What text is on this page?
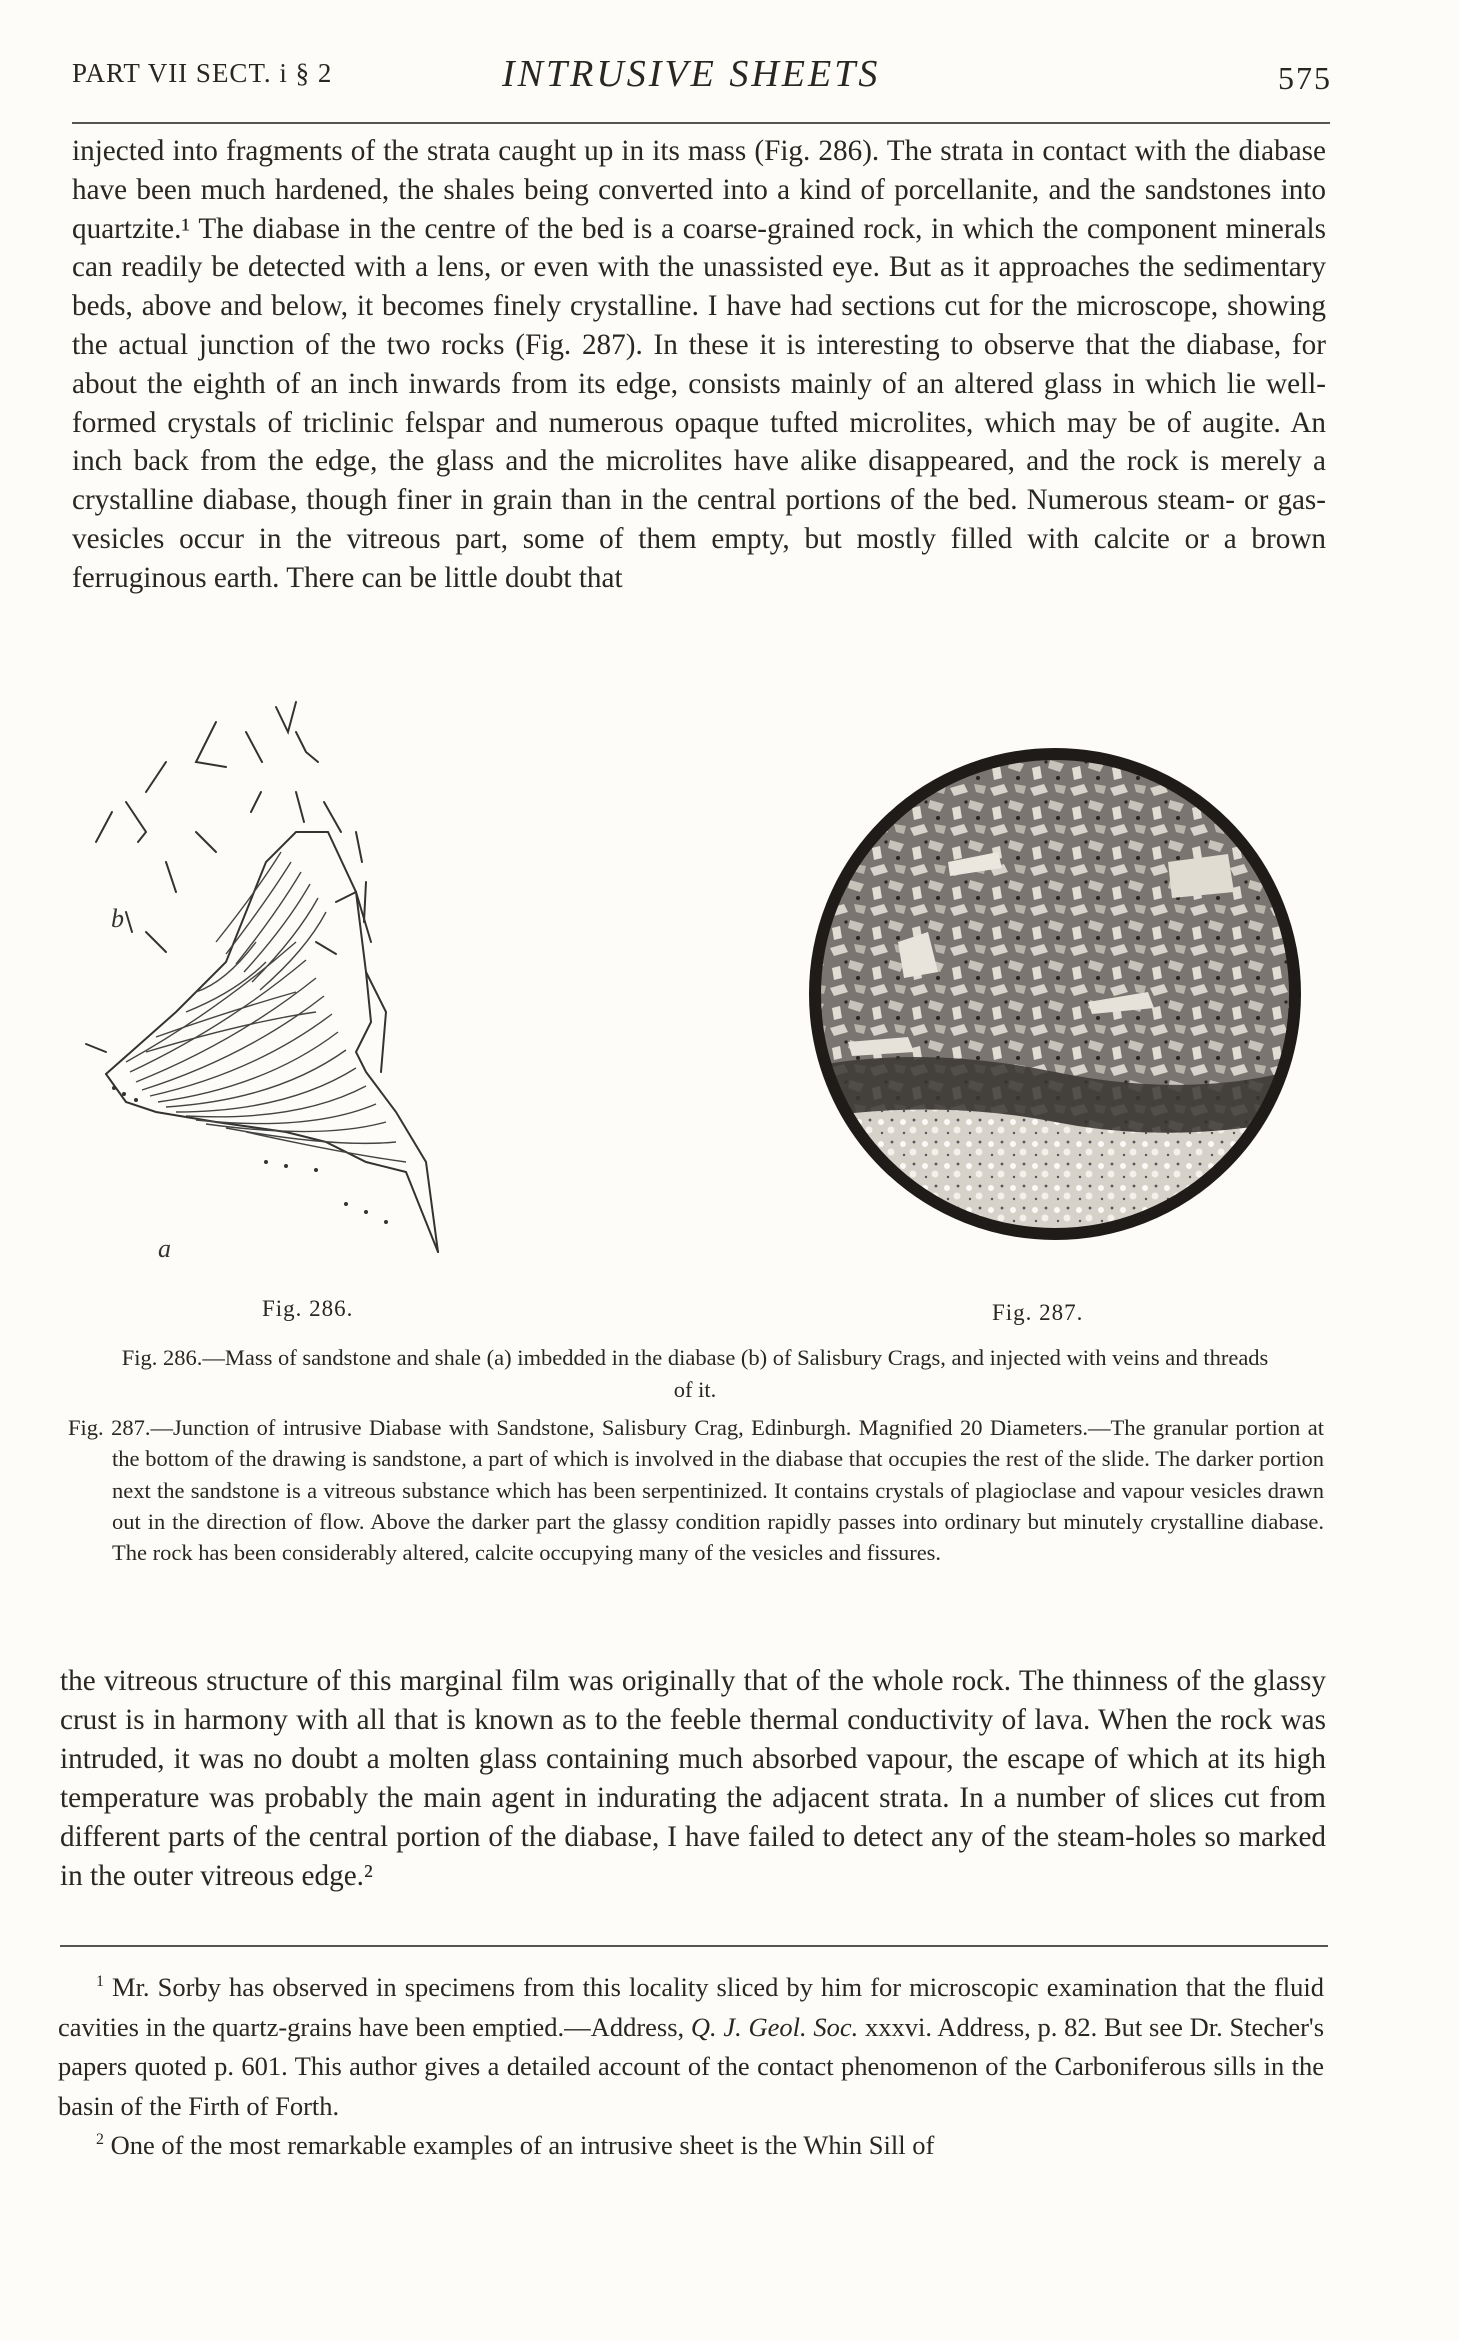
PART VII SECT. i § 2	INTRUSIVE SHEETS	575

injected into fragments of the strata caught up in its mass (Fig. 286). The strata in contact with the diabase have been much hardened, the shales being converted into a kind of porcellanite, and the sandstones into quartzite.¹ The diabase in the centre of the bed is a coarse-grained rock, in which the component minerals can readily be detected with a lens, or even with the unassisted eye. But as it approaches the sedimentary beds, above and below, it becomes finely crystalline. I have had sections cut for the microscope, showing the actual junction of the two rocks (Fig. 287). In these it is interesting to observe that the diabase, for about the eighth of an inch inwards from its edge, consists mainly of an altered glass in which lie well-formed crystals of triclinic felspar and numerous opaque tufted microlites, which may be of augite. An inch back from the edge, the glass and the microlites have alike disappeared, and the rock is merely a crystalline diabase, though finer in grain than in the central portions of the bed. Numerous steam- or gas-vesicles occur in the vitreous part, some of them empty, but mostly filled with calcite or a brown ferruginous earth. There can be little doubt that

b
a
Fig. 286.	Fig. 287.
Fig. 286.—Mass of sandstone and shale (a) imbedded in the diabase (b) of Salisbury Crags, and injected with veins and threads of it.
Fig. 287.—Junction of intrusive Diabase with Sandstone, Salisbury Crag, Edinburgh. Magnified 20 Diameters.—The granular portion at the bottom of the drawing is sandstone, a part of which is involved in the diabase that occupies the rest of the slide. The darker portion next the sandstone is a vitreous substance which has been serpentinized. It contains crystals of plagioclase and vapour vesicles drawn out in the direction of flow. Above the darker part the glassy condition rapidly passes into ordinary but minutely crystalline diabase. The rock has been considerably altered, calcite occupying many of the vesicles and fissures.

the vitreous structure of this marginal film was originally that of the whole rock. The thinness of the glassy crust is in harmony with all that is known as to the feeble thermal conductivity of lava. When the rock was intruded, it was no doubt a molten glass containing much absorbed vapour, the escape of which at its high temperature was probably the main agent in indurating the adjacent strata. In a number of slices cut from different parts of the central portion of the diabase, I have failed to detect any of the steam-holes so marked in the outer vitreous edge.²

$^1$ Mr. Sorby has observed in specimens from this locality sliced by him for microscopic examination that the fluid cavities in the quartz-grains have been emptied.—Address, Q. J. Geol. Soc. xxxvi. Address, p. 82. But see Dr. Stecher's papers quoted p. 601. This author gives a detailed account of the contact phenomenon of the Carboniferous sills in the basin of the Firth of Forth.

$^2$ One of the most remarkable examples of an intrusive sheet is the Whin Sill of
